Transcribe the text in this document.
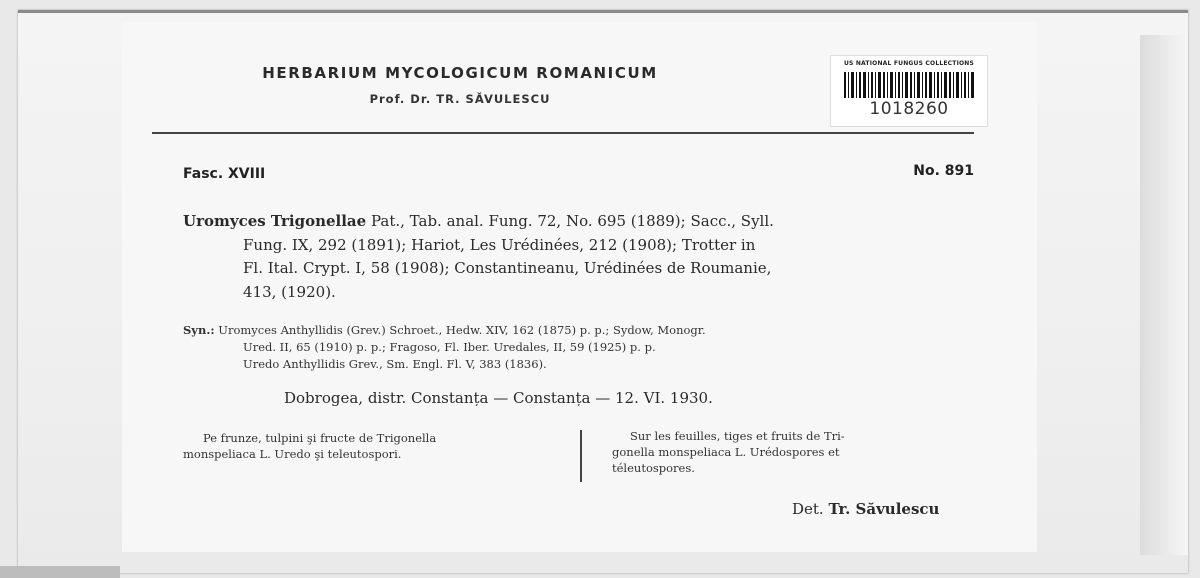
HERBARIUM MYCOLOGICUM ROMANICUM
Prof. Dr. TR. SĂVULESCU
US NATIONAL FUNGUS COLLECTIONS
1018260
Fasc. XVIII	No. 891
Uromyces Trigonellae Pat., Tab. anal. Fung. 72, No. 695 (1889); Sacc., Syll.
Fung. IX, 292 (1891); Hariot, Les Urédinées, 212 (1908); Trotter in
Fl. Ital. Crypt. I, 58 (1908); Constantineanu, Urédinées de Roumanie,
413, (1920).
Syn.: Uromyces Anthyllidis (Grev.) Schroet., Hedw. XIV, 162 (1875) p. p.; Sydow, Monogr.
Ured. II, 65 (1910) p. p.; Fragoso, Fl. Iber. Uredales, II, 59 (1925) p. p.
Uredo Anthyllidis Grev., Sm. Engl. Fl. V, 383 (1836).
Dobrogea, distr. Constanța — Constanța — 12. VI. 1930.
Pe frunze, tulpini şi fructe de Trigonella
monspeliaca L. Uredo şi teleutospori.
Sur les feuilles, tiges et fruits de Tri-
gonella monspeliaca L. Urédospores et
téleutospores.
Det. Tr. Săvulescu
